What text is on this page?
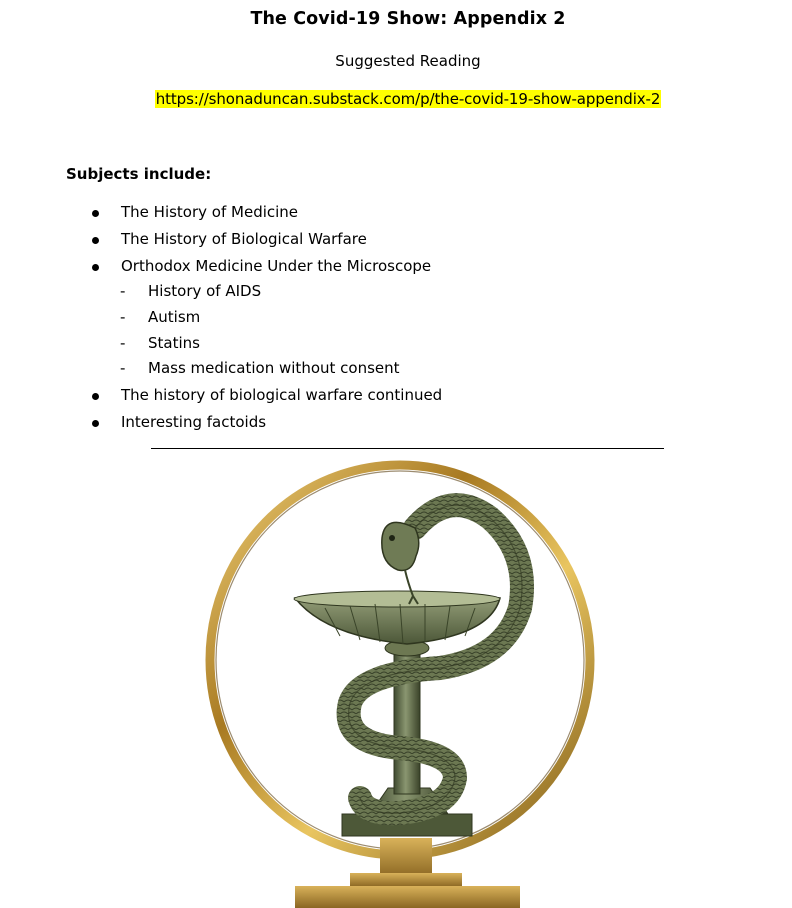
The Covid-19 Show: Appendix 2
Suggested Reading
https://shonaduncan.substack.com/p/the-covid-19-show-appendix-2
Subjects include:
The History of Medicine
The History of Biological Warfare
Orthodox Medicine Under the Microscope
- History of AIDS
- Autism
- Statins
- Mass medication without consent
The history of biological warfare continued
Interesting factoids
